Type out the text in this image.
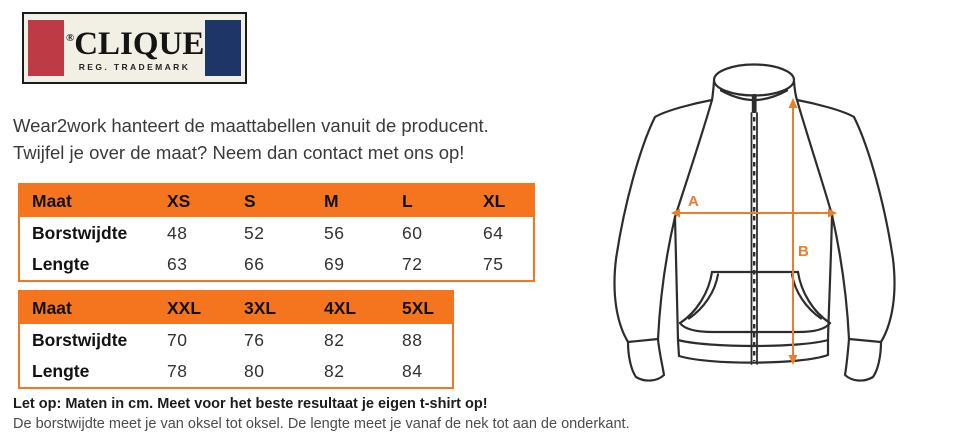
®CLIQUE
REG. TRADEMARK
Wear2work hanteert de maattabellen vanuit de producent.
Twijfel je over de maat? Neem dan contact met ons op!
Maat	XS	S	M	L	XL
Borstwijdte	48	52	56	60	64
Lengte	63	66	69	72	75
Maat	XXL	3XL	4XL	5XL
Borstwijdte	70	76	82	88
Lengte	78	80	82	84
Let op: Maten in cm. Meet voor het beste resultaat je eigen t-shirt op!
De borstwijdte meet je van oksel tot oksel. De lengte meet je vanaf de nek tot aan de onderkant.
A
B
